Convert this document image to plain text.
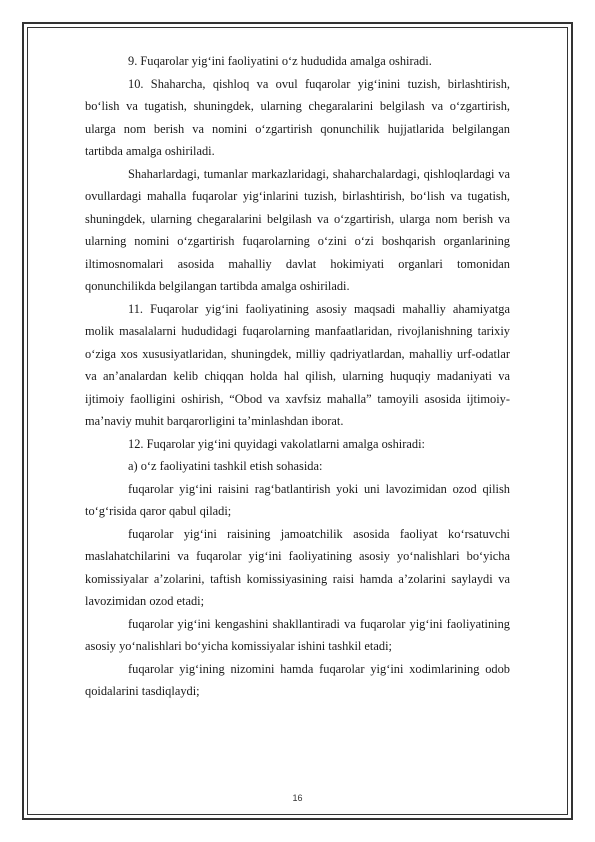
9. Fuqarolar yig‘ini faoliyatini o‘z hududida amalga oshiradi.

10. Shaharcha, qishloq va ovul fuqarolar yig‘inini tuzish, birlashtirish, bo‘lish va tugatish, shuningdek, ularning chegaralarini belgilash va o‘zgartirish, ularga nom berish va nomini o‘zgartirish qonunchilik hujjatlarida belgilangan tartibda amalga oshiriladi.

Shaharlardagi, tumanlar markazlaridagi, shaharchalardagi, qishloqlardagi va ovullardagi mahalla fuqarolar yig‘inlarini tuzish, birlashtirish, bo‘lish va tugatish, shuningdek, ularning chegaralarini belgilash va o‘zgartirish, ularga nom berish va ularning nomini o‘zgartirish fuqarolarning o‘zini o‘zi boshqarish organlarining iltimosnomalari asosida mahalliy davlat hokimiyati organlari tomonidan qonunchilikda belgilangan tartibda amalga oshiriladi.

11. Fuqarolar yig‘ini faoliyatining asosiy maqsadi mahalliy ahamiyatga molik masalalarni hududidagi fuqarolarning manfaatlaridan, rivojlanishning tarixiy o‘ziga xos xususiyatlaridan, shuningdek, milliy qadriyatlardan, mahalliy urf-odatlar va an’analardan kelib chiqqan holda hal qilish, ularning huquqiy madaniyati va ijtimoiy faolligini oshirish, “Obod va xavfsiz mahalla” tamoyili asosida ijtimoiy-ma’naviy muhit barqarorligini ta’minlashdan iborat.

12. Fuqarolar yig‘ini quyidagi vakolatlarni amalga oshiradi:

a) o‘z faoliyatini tashkil etish sohasida:

fuqarolar yig‘ini raisini rag‘batlantirish yoki uni lavozimidan ozod qilish to‘g‘risida qaror qabul qiladi;

fuqarolar yig‘ini raisining jamoatchilik asosida faoliyat ko‘rsatuvchi maslahatchilarini va fuqarolar yig‘ini faoliyatining asosiy yo‘nalishlari bo‘yicha komissiyalar a’zolarini, taftish komissiyasining raisi hamda a’zolarini saylaydi va lavozimidan ozod etadi;

fuqarolar yig‘ini kengashini shakllantiradi va fuqarolar yig‘ini faoliyatining asosiy yo‘nalishlari bo‘yicha komissiyalar ishini tashkil etadi;

fuqarolar yig‘ining nizomini hamda fuqarolar yig‘ini xodimlarining odob qoidalarini tasdiqlaydi;

16
